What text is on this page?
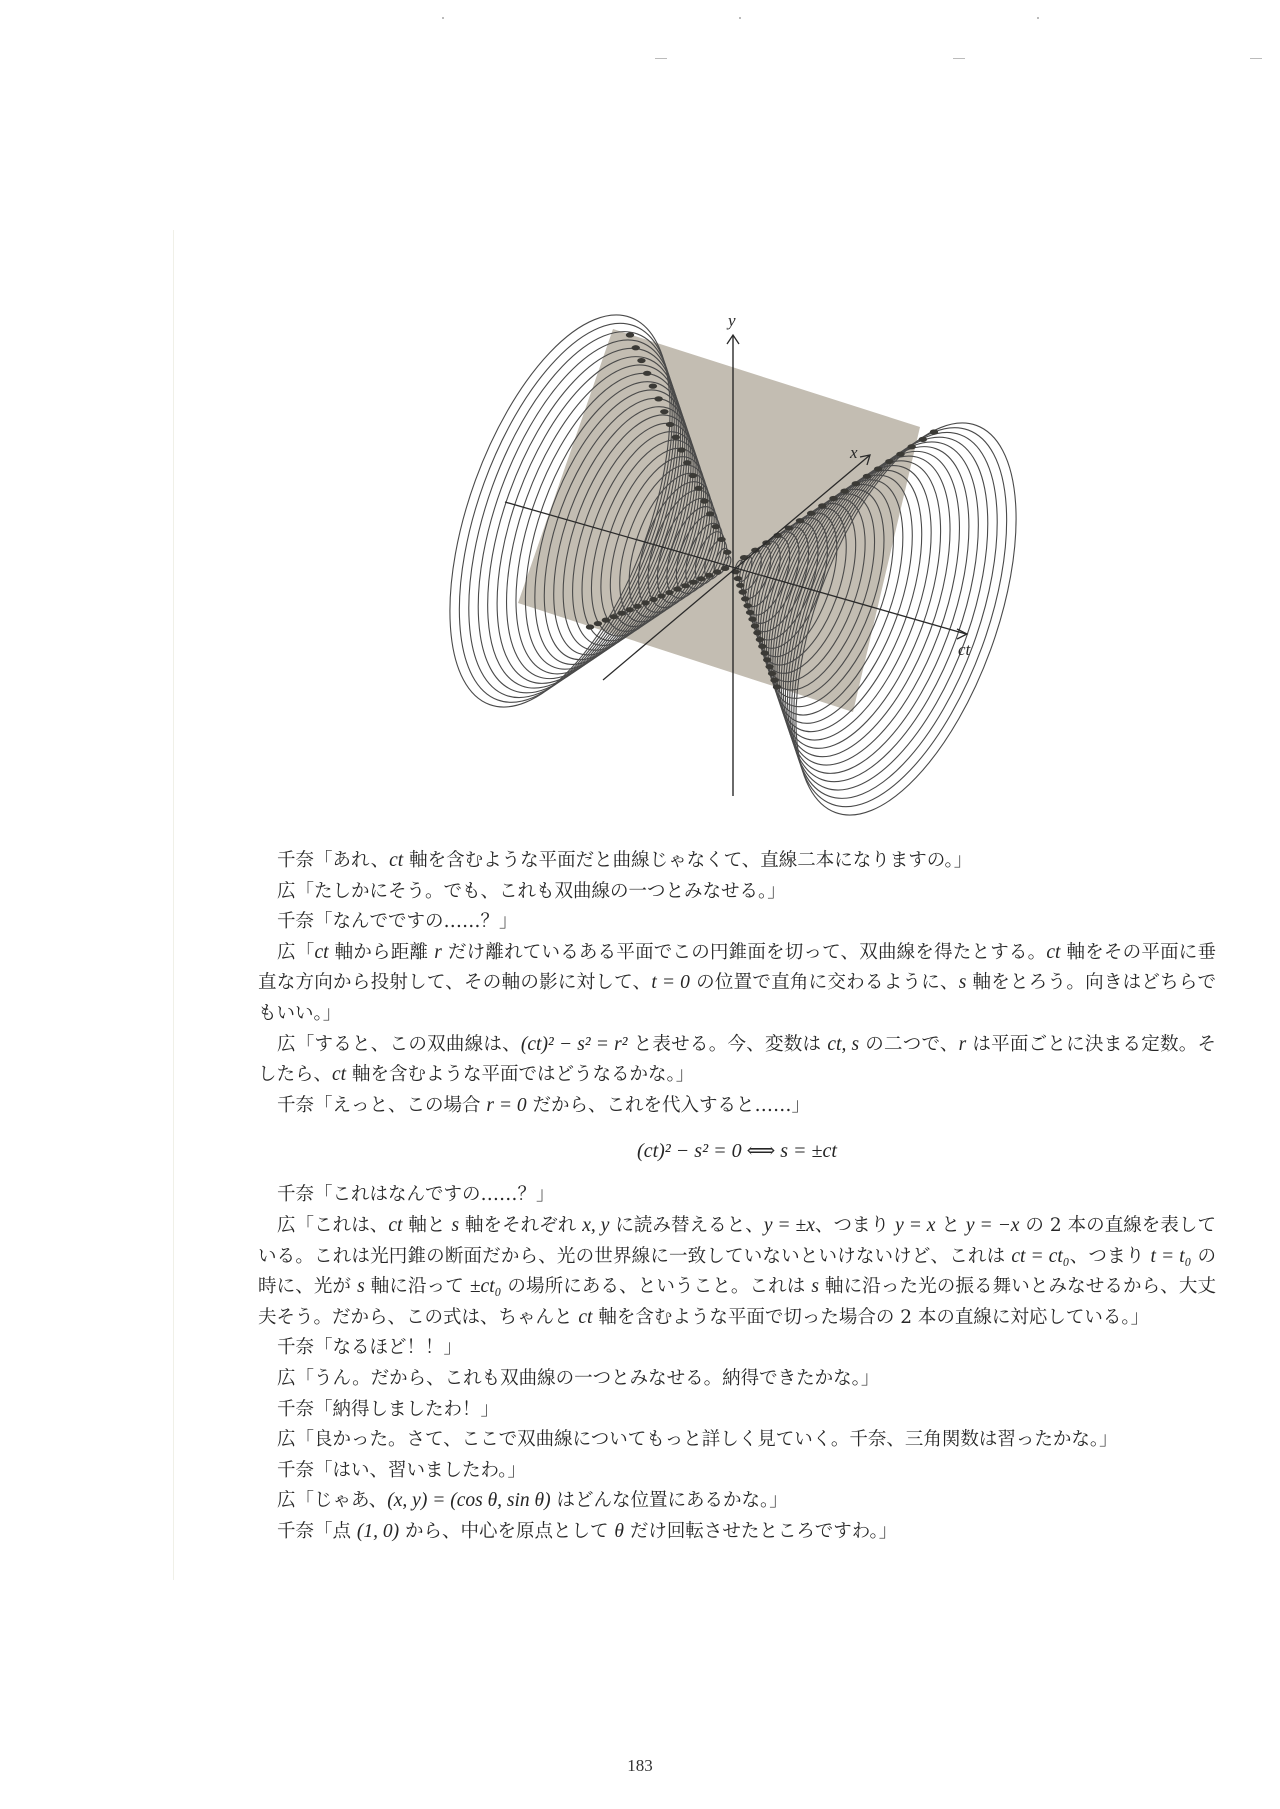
y
x
ct

千奈「あれ、ct 軸を含むような平面だと曲線じゃなくて、直線二本になりますの。」

広「たしかにそう。でも、これも双曲線の一つとみなせる。」

千奈「なんでですの……？」

広「ct 軸から距離 r だけ離れているある平面でこの円錐面を切って、双曲線を得たとする。ct 軸をその平面に垂直な方向から投射して、その軸の影に対して、t = 0 の位置で直角に交わるように、s 軸をとろう。向きはどちらでもいい。」

広「すると、この双曲線は、(ct)² − s² = r² と表せる。今、変数は ct, s の二つで、r は平面ごとに決まる定数。そしたら、ct 軸を含むような平面ではどうなるかな。」

千奈「えっと、この場合 r = 0 だから、これを代入すると……」

(ct)² − s² = 0 ⟺ s = ±ct

千奈「これはなんですの……？」

広「これは、ct 軸と s 軸をそれぞれ x, y に読み替えると、y = ±x、つまり y = x と y = −x の 2 本の直線を表している。これは光円錐の断面だから、光の世界線に一致していないといけないけど、これは ct = ct₀、つまり t = t₀ の時に、光が s 軸に沿って ±ct₀ の場所にある、ということ。これは s 軸に沿った光の振る舞いとみなせるから、大丈夫そう。だから、この式は、ちゃんと ct 軸を含むような平面で切った場合の 2 本の直線に対応している。」

千奈「なるほど！！」

広「うん。だから、これも双曲線の一つとみなせる。納得できたかな。」

千奈「納得しましたわ！」

広「良かった。さて、ここで双曲線についてもっと詳しく見ていく。千奈、三角関数は習ったかな。」

千奈「はい、習いましたわ。」

広「じゃあ、(x, y) = (cos θ, sin θ) はどんな位置にあるかな。」

千奈「点 (1, 0) から、中心を原点として θ だけ回転させたところですわ。」

183
